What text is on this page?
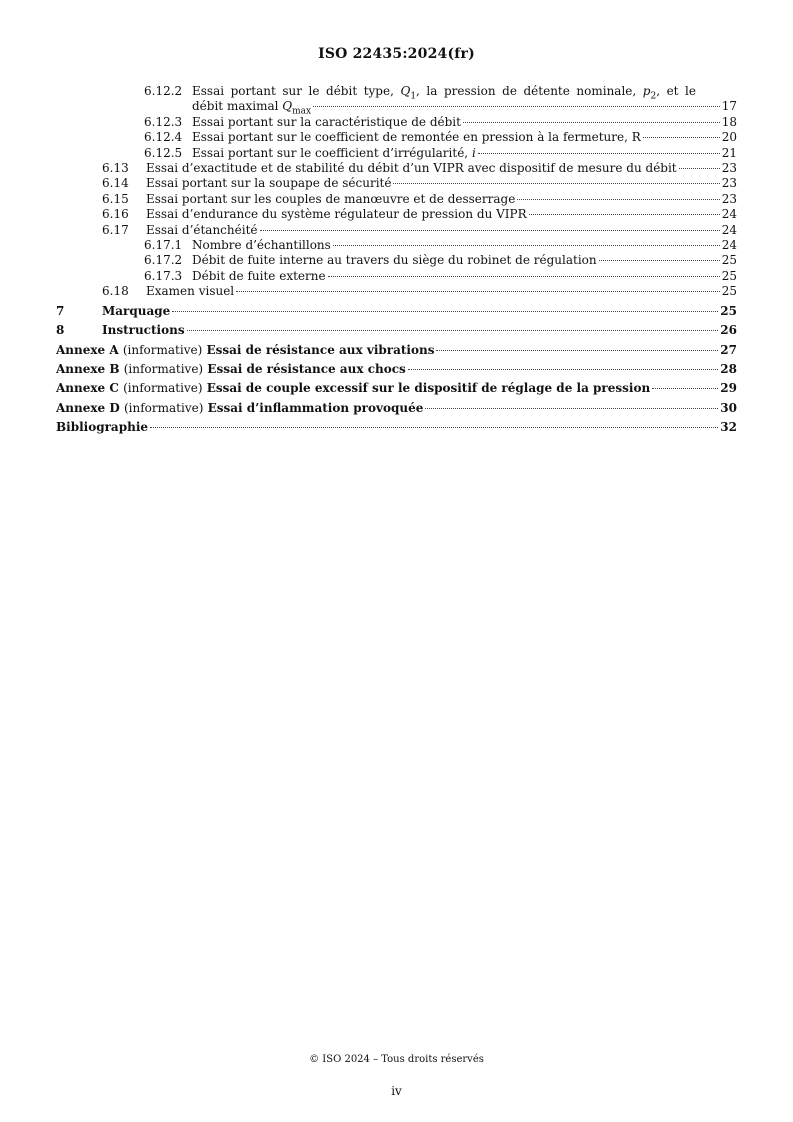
ISO 22435:2024(fr)
6.12.2 Essai portant sur le débit type, $Q_1$, la pression de détente nominale, $p_2$, et le
débit maximal $Q_{max}$	17
6.12.3 Essai portant sur la caractéristique de débit	18
6.12.4 Essai portant sur le coefficient de remontée en pression à la fermeture, R	20
6.12.5 Essai portant sur le coefficient d’irrégularité, i	21
6.13	Essai d’exactitude et de stabilité du débit d’un VIPR avec dispositif de mesure du débit	23
6.14	Essai portant sur la soupape de sécurité	23
6.15	Essai portant sur les couples de manœuvre et de desserrage	23
6.16	Essai d’endurance du système régulateur de pression du VIPR	24
6.17	Essai d’étanchéité	24
6.17.1 Nombre d’échantillons	24
6.17.2 Débit de fuite interne au travers du siège du robinet de régulation	25
6.17.3 Débit de fuite externe	25
6.18	Examen visuel	25
7	Marquage	25
8	Instructions	26
Annexe A (informative) Essai de résistance aux vibrations	27
Annexe B (informative) Essai de résistance aux chocs	28
Annexe C (informative) Essai de couple excessif sur le dispositif de réglage de la pression	29
Annexe D (informative) Essai d’inflammation provoquée	30
Bibliographie	32
© ISO 2024 – Tous droits réservés
iv
